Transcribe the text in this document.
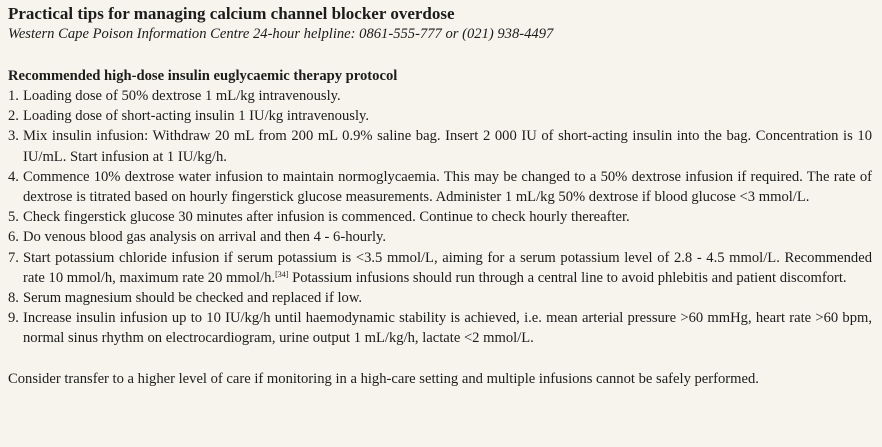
Practical tips for managing calcium channel blocker overdose

Western Cape Poison Information Centre 24-hour helpline: 0861-555-777 or (021) 938-4497

Recommended high-dose insulin euglycaemic therapy protocol
1. Loading dose of 50% dextrose 1 mL/kg intravenously.
2. Loading dose of short-acting insulin 1 IU/kg intravenously.
3. Mix insulin infusion: Withdraw 20 mL from 200 mL 0.9% saline bag. Insert 2 000 IU of short-acting insulin into the bag. Concentration is 10 IU/mL. Start infusion at 1 IU/kg/h.
4. Commence 10% dextrose water infusion to maintain normoglycaemia. This may be changed to a 50% dextrose infusion if required. The rate of dextrose is titrated based on hourly fingerstick glucose measurements. Administer 1 mL/kg 50% dextrose if blood glucose <3 mmol/L.
5. Check fingerstick glucose 30 minutes after infusion is commenced. Continue to check hourly thereafter.
6. Do venous blood gas analysis on arrival and then 4 - 6-hourly.
7. Start potassium chloride infusion if serum potassium is <3.5 mmol/L, aiming for a serum potassium level of 2.8 - 4.5 mmol/L. Recommended rate 10 mmol/h, maximum rate 20 mmol/h.[34] Potassium infusions should run through a central line to avoid phlebitis and patient discomfort.
8. Serum magnesium should be checked and replaced if low.
9. Increase insulin infusion up to 10 IU/kg/h until haemodynamic stability is achieved, i.e. mean arterial pressure >60 mmHg, heart rate >60 bpm, normal sinus rhythm on electrocardiogram, urine output 1 mL/kg/h, lactate <2 mmol/L.

Consider transfer to a higher level of care if monitoring in a high-care setting and multiple infusions cannot be safely performed.
